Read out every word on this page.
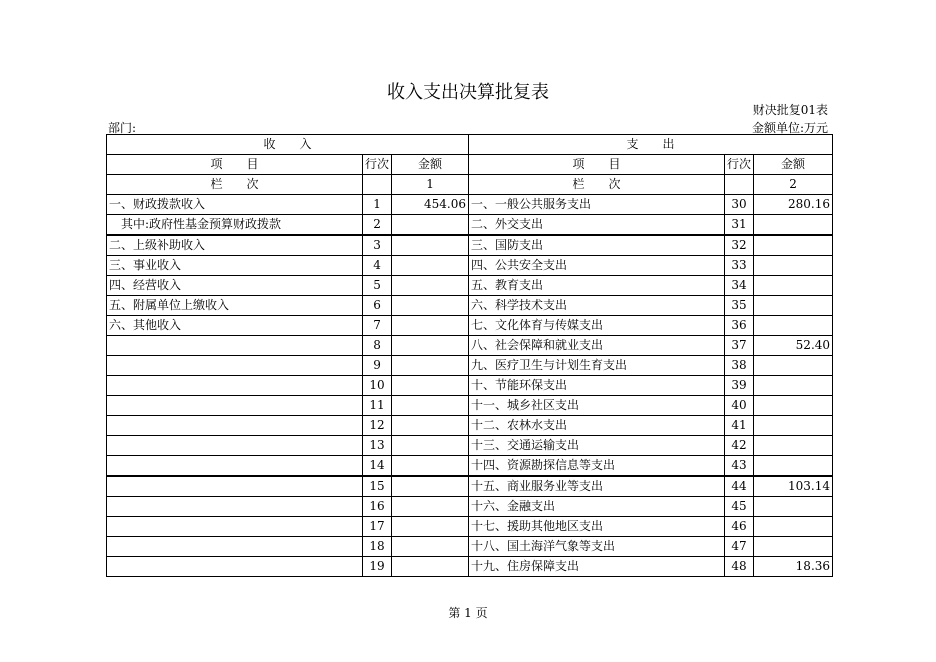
收入支出决算批复表
财决批复01表
部门:	金额单位:万元
收　　入			支　　出		
项　　目	行次	金额	项　　目	行次	金额
栏　　次		1	栏　　次		2
一、财政拨款收入	1	454.06	一、一般公共服务支出	30	280.16
　其中:政府性基金预算财政拨款	2		二、外交支出	31	
二、上级补助收入	3		三、国防支出	32	
三、事业收入	4		四、公共安全支出	33	
四、经营收入	5		五、教育支出	34	
五、附属单位上缴收入	6		六、科学技术支出	35	
六、其他收入	7		七、文化体育与传媒支出	36	
	8		八、社会保障和就业支出	37	52.40
	9		九、医疗卫生与计划生育支出	38	
	10		十、节能环保支出	39	
	11		十一、城乡社区支出	40	
	12		十二、农林水支出	41	
	13		十三、交通运输支出	42	
	14		十四、资源勘探信息等支出	43	
	15		十五、商业服务业等支出	44	103.14
	16		十六、金融支出	45	
	17		十七、援助其他地区支出	46	
	18		十八、国土海洋气象等支出	47	
	19		十九、住房保障支出	48	18.36
第 1 页
